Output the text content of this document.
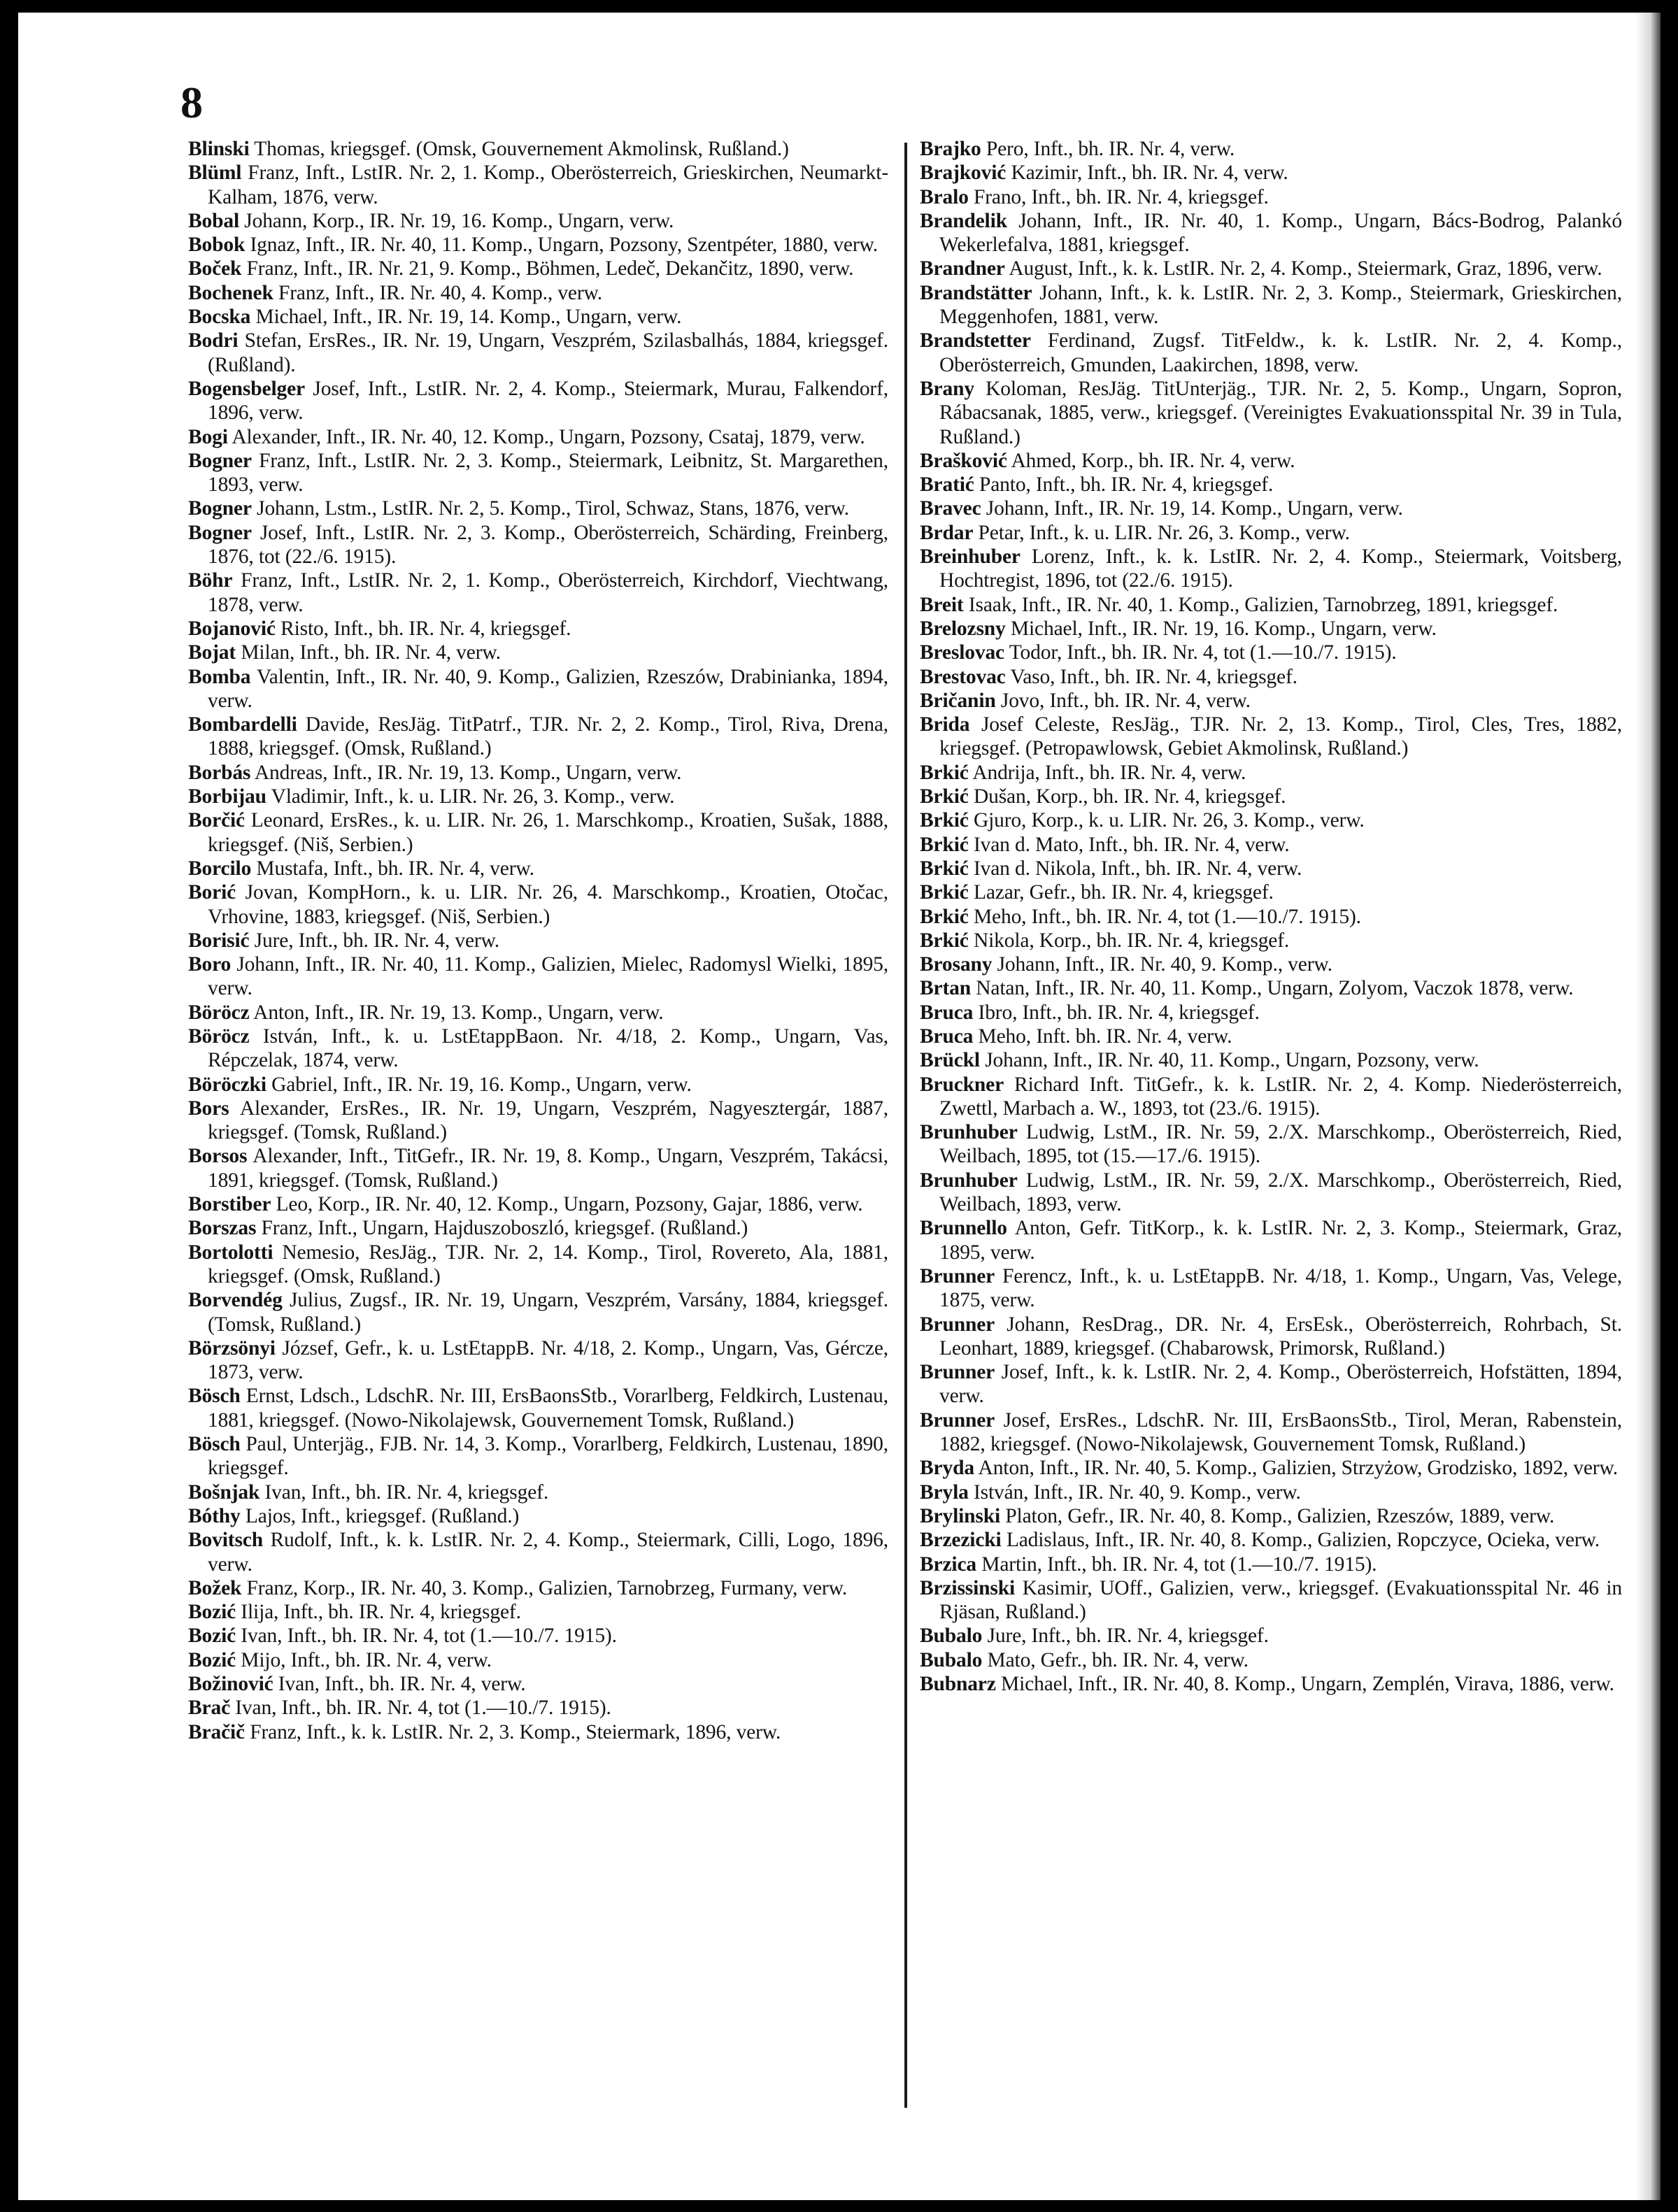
8

Blinski Thomas, kriegsgef. (Omsk, Gouvernement Akmolinsk, Rußland.)

Blüml Franz, Inft., LstIR. Nr. 2, 1. Komp., Oberösterreich, Grieskirchen, Neumarkt-Kalham, 1876, verw.

Bobal Johann, Korp., IR. Nr. 19, 16. Komp., Ungarn, verw.

Bobok Ignaz, Inft., IR. Nr. 40, 11. Komp., Ungarn, Pozsony, Szentpéter, 1880, verw.

Boček Franz, Inft., IR. Nr. 21, 9. Komp., Böhmen, Ledeč, Dekančitz, 1890, verw.

Bochenek Franz, Inft., IR. Nr. 40, 4. Komp., verw.

Bocska Michael, Inft., IR. Nr. 19, 14. Komp., Ungarn, verw.

Bodri Stefan, ErsRes., IR. Nr. 19, Ungarn, Veszprém, Szilasbalhás, 1884, kriegsgef. (Rußland).

Bogensbelger Josef, Inft., LstIR. Nr. 2, 4. Komp., Steiermark, Murau, Falkendorf, 1896, verw.

Bogi Alexander, Inft., IR. Nr. 40, 12. Komp., Ungarn, Pozsony, Csataj, 1879, verw.

Bogner Franz, Inft., LstIR. Nr. 2, 3. Komp., Steiermark, Leibnitz, St. Margarethen, 1893, verw.

Bogner Johann, Lstm., LstIR. Nr. 2, 5. Komp., Tirol, Schwaz, Stans, 1876, verw.

Bogner Josef, Inft., LstIR. Nr. 2, 3. Komp., Oberösterreich, Schärding, Freinberg, 1876, tot (22./6. 1915).

Böhr Franz, Inft., LstIR. Nr. 2, 1. Komp., Oberösterreich, Kirchdorf, Viechtwang, 1878, verw.

Bojanović Risto, Inft., bh. IR. Nr. 4, kriegsgef.

Bojat Milan, Inft., bh. IR. Nr. 4, verw.

Bomba Valentin, Inft., IR. Nr. 40, 9. Komp., Galizien, Rzeszów, Drabinianka, 1894, verw.

Bombardelli Davide, ResJäg. TitPatrf., TJR. Nr. 2, 2. Komp., Tirol, Riva, Drena, 1888, kriegsgef. (Omsk, Rußland.)

Borbás Andreas, Inft., IR. Nr. 19, 13. Komp., Ungarn, verw.

Borbijau Vladimir, Inft., k. u. LIR. Nr. 26, 3. Komp., verw.

Borčić Leonard, ErsRes., k. u. LIR. Nr. 26, 1. Marschkomp., Kroatien, Sušak, 1888, kriegsgef. (Niš, Serbien.)

Borcilo Mustafa, Inft., bh. IR. Nr. 4, verw.

Borić Jovan, KompHorn., k. u. LIR. Nr. 26, 4. Marschkomp., Kroatien, Otočac, Vrhovine, 1883, kriegsgef. (Niš, Serbien.)

Borisić Jure, Inft., bh. IR. Nr. 4, verw.

Boro Johann, Inft., IR. Nr. 40, 11. Komp., Galizien, Mielec, Radomysl Wielki, 1895, verw.

Böröcz Anton, Inft., IR. Nr. 19, 13. Komp., Ungarn, verw.

Böröcz István, Inft., k. u. LstEtappBaon. Nr. 4/18, 2. Komp., Ungarn, Vas, Répczelak, 1874, verw.

Böröczki Gabriel, Inft., IR. Nr. 19, 16. Komp., Ungarn, verw.

Bors Alexander, ErsRes., IR. Nr. 19, Ungarn, Veszprém, Nagyesztergár, 1887, kriegsgef. (Tomsk, Rußland.)

Borsos Alexander, Inft., TitGefr., IR. Nr. 19, 8. Komp., Ungarn, Veszprém, Takácsi, 1891, kriegsgef. (Tomsk, Rußland.)

Borstiber Leo, Korp., IR. Nr. 40, 12. Komp., Ungarn, Pozsony, Gajar, 1886, verw.

Borszas Franz, Inft., Ungarn, Hajduszoboszló, kriegsgef. (Rußland.)

Bortolotti Nemesio, ResJäg., TJR. Nr. 2, 14. Komp., Tirol, Rovereto, Ala, 1881, kriegsgef. (Omsk, Rußland.)

Borvendég Julius, Zugsf., IR. Nr. 19, Ungarn, Veszprém, Varsány, 1884, kriegsgef. (Tomsk, Rußland.)

Börzsönyi József, Gefr., k. u. LstEtappB. Nr. 4/18, 2. Komp., Ungarn, Vas, Gércze, 1873, verw.

Bösch Ernst, Ldsch., LdschR. Nr. III, ErsBaonsStb., Vorarlberg, Feldkirch, Lustenau, 1881, kriegsgef. (Nowo-Nikolajewsk, Gouvernement Tomsk, Rußland.)

Bösch Paul, Unterjäg., FJB. Nr. 14, 3. Komp., Vorarlberg, Feldkirch, Lustenau, 1890, kriegsgef.

Bošnjak Ivan, Inft., bh. IR. Nr. 4, kriegsgef.

Bóthy Lajos, Inft., kriegsgef. (Rußland.)

Bovitsch Rudolf, Inft., k. k. LstIR. Nr. 2, 4. Komp., Steiermark, Cilli, Logo, 1896, verw.

Božek Franz, Korp., IR. Nr. 40, 3. Komp., Galizien, Tarnobrzeg, Furmany, verw.

Bozić Ilija, Inft., bh. IR. Nr. 4, kriegsgef.

Bozić Ivan, Inft., bh. IR. Nr. 4, tot (1.—10./7. 1915).

Bozić Mijo, Inft., bh. IR. Nr. 4, verw.

Božinović Ivan, Inft., bh. IR. Nr. 4, verw.

Brač Ivan, Inft., bh. IR. Nr. 4, tot (1.—10./7. 1915).

Bračič Franz, Inft., k. k. LstIR. Nr. 2, 3. Komp., Steiermark, 1896, verw.

Brajko Pero, Inft., bh. IR. Nr. 4, verw.

Brajković Kazimir, Inft., bh. IR. Nr. 4, verw.

Bralo Frano, Inft., bh. IR. Nr. 4, kriegsgef.

Brandelik Johann, Inft., IR. Nr. 40, 1. Komp., Ungarn, Bács-Bodrog, Palankó Wekerlefalva, 1881, kriegsgef.

Brandner August, Inft., k. k. LstIR. Nr. 2, 4. Komp., Steiermark, Graz, 1896, verw.

Brandstätter Johann, Inft., k. k. LstIR. Nr. 2, 3. Komp., Steiermark, Grieskirchen, Meggenhofen, 1881, verw.

Brandstetter Ferdinand, Zugsf. TitFeldw., k. k. LstIR. Nr. 2, 4. Komp., Oberösterreich, Gmunden, Laakirchen, 1898, verw.

Brany Koloman, ResJäg. TitUnterjäg., TJR. Nr. 2, 5. Komp., Ungarn, Sopron, Rábacsanak, 1885, verw., kriegsgef. (Vereinigtes Evakuationsspital Nr. 39 in Tula, Rußland.)

Brašković Ahmed, Korp., bh. IR. Nr. 4, verw.

Bratić Panto, Inft., bh. IR. Nr. 4, kriegsgef.

Bravec Johann, Inft., IR. Nr. 19, 14. Komp., Ungarn, verw.

Brdar Petar, Inft., k. u. LIR. Nr. 26, 3. Komp., verw.

Breinhuber Lorenz, Inft., k. k. LstIR. Nr. 2, 4. Komp., Steiermark, Voitsberg, Hochtregist, 1896, tot (22./6. 1915).

Breit Isaak, Inft., IR. Nr. 40, 1. Komp., Galizien, Tarnobrzeg, 1891, kriegsgef.

Brelozsny Michael, Inft., IR. Nr. 19, 16. Komp., Ungarn, verw.

Breslovac Todor, Inft., bh. IR. Nr. 4, tot (1.—10./7. 1915).

Brestovac Vaso, Inft., bh. IR. Nr. 4, kriegsgef.

Bričanin Jovo, Inft., bh. IR. Nr. 4, verw.

Brida Josef Celeste, ResJäg., TJR. Nr. 2, 13. Komp., Tirol, Cles, Tres, 1882, kriegsgef. (Petropawlowsk, Gebiet Akmolinsk, Rußland.)

Brkić Andrija, Inft., bh. IR. Nr. 4, verw.

Brkić Dušan, Korp., bh. IR. Nr. 4, kriegsgef.

Brkić Gjuro, Korp., k. u. LIR. Nr. 26, 3. Komp., verw.

Brkić Ivan d. Mato, Inft., bh. IR. Nr. 4, verw.

Brkić Ivan d. Nikola, Inft., bh. IR. Nr. 4, verw.

Brkić Lazar, Gefr., bh. IR. Nr. 4, kriegsgef.

Brkić Meho, Inft., bh. IR. Nr. 4, tot (1.—10./7. 1915).

Brkić Nikola, Korp., bh. IR. Nr. 4, kriegsgef.

Brosany Johann, Inft., IR. Nr. 40, 9. Komp., verw.

Brtan Natan, Inft., IR. Nr. 40, 11. Komp., Ungarn, Zolyom, Vaczok 1878, verw.

Bruca Ibro, Inft., bh. IR. Nr. 4, kriegsgef.

Bruca Meho, Inft. bh. IR. Nr. 4, verw.

Brückl Johann, Inft., IR. Nr. 40, 11. Komp., Ungarn, Pozsony, verw.

Bruckner Richard Inft. TitGefr., k. k. LstIR. Nr. 2, 4. Komp. Niederösterreich, Zwettl, Marbach a. W., 1893, tot (23./6. 1915).

Brunhuber Ludwig, LstM., IR. Nr. 59, 2./X. Marschkomp., Oberösterreich, Ried, Weilbach, 1895, tot (15.—17./6. 1915).

Brunhuber Ludwig, LstM., IR. Nr. 59, 2./X. Marschkomp., Oberösterreich, Ried, Weilbach, 1893, verw.

Brunnello Anton, Gefr. TitKorp., k. k. LstIR. Nr. 2, 3. Komp., Steiermark, Graz, 1895, verw.

Brunner Ferencz, Inft., k. u. LstEtappB. Nr. 4/18, 1. Komp., Ungarn, Vas, Velege, 1875, verw.

Brunner Johann, ResDrag., DR. Nr. 4, ErsEsk., Oberösterreich, Rohrbach, St. Leonhart, 1889, kriegsgef. (Chabarowsk, Primorsk, Rußland.)

Brunner Josef, Inft., k. k. LstIR. Nr. 2, 4. Komp., Oberösterreich, Hofstätten, 1894, verw.

Brunner Josef, ErsRes., LdschR. Nr. III, ErsBaonsStb., Tirol, Meran, Rabenstein, 1882, kriegsgef. (Nowo-Nikolajewsk, Gouvernement Tomsk, Rußland.)

Bryda Anton, Inft., IR. Nr. 40, 5. Komp., Galizien, Strzyżow, Grodzisko, 1892, verw.

Bryla István, Inft., IR. Nr. 40, 9. Komp., verw.

Brylinski Platon, Gefr., IR. Nr. 40, 8. Komp., Galizien, Rzeszów, 1889, verw.

Brzezicki Ladislaus, Inft., IR. Nr. 40, 8. Komp., Galizien, Ropczyce, Ocieka, verw.

Brzica Martin, Inft., bh. IR. Nr. 4, tot (1.—10./7. 1915).

Brzissinski Kasimir, UOff., Galizien, verw., kriegsgef. (Evakuationsspital Nr. 46 in Rjäsan, Rußland.)

Bubalo Jure, Inft., bh. IR. Nr. 4, kriegsgef.

Bubalo Mato, Gefr., bh. IR. Nr. 4, verw.

Bubnarz Michael, Inft., IR. Nr. 40, 8. Komp., Ungarn, Zemplén, Virava, 1886, verw.
